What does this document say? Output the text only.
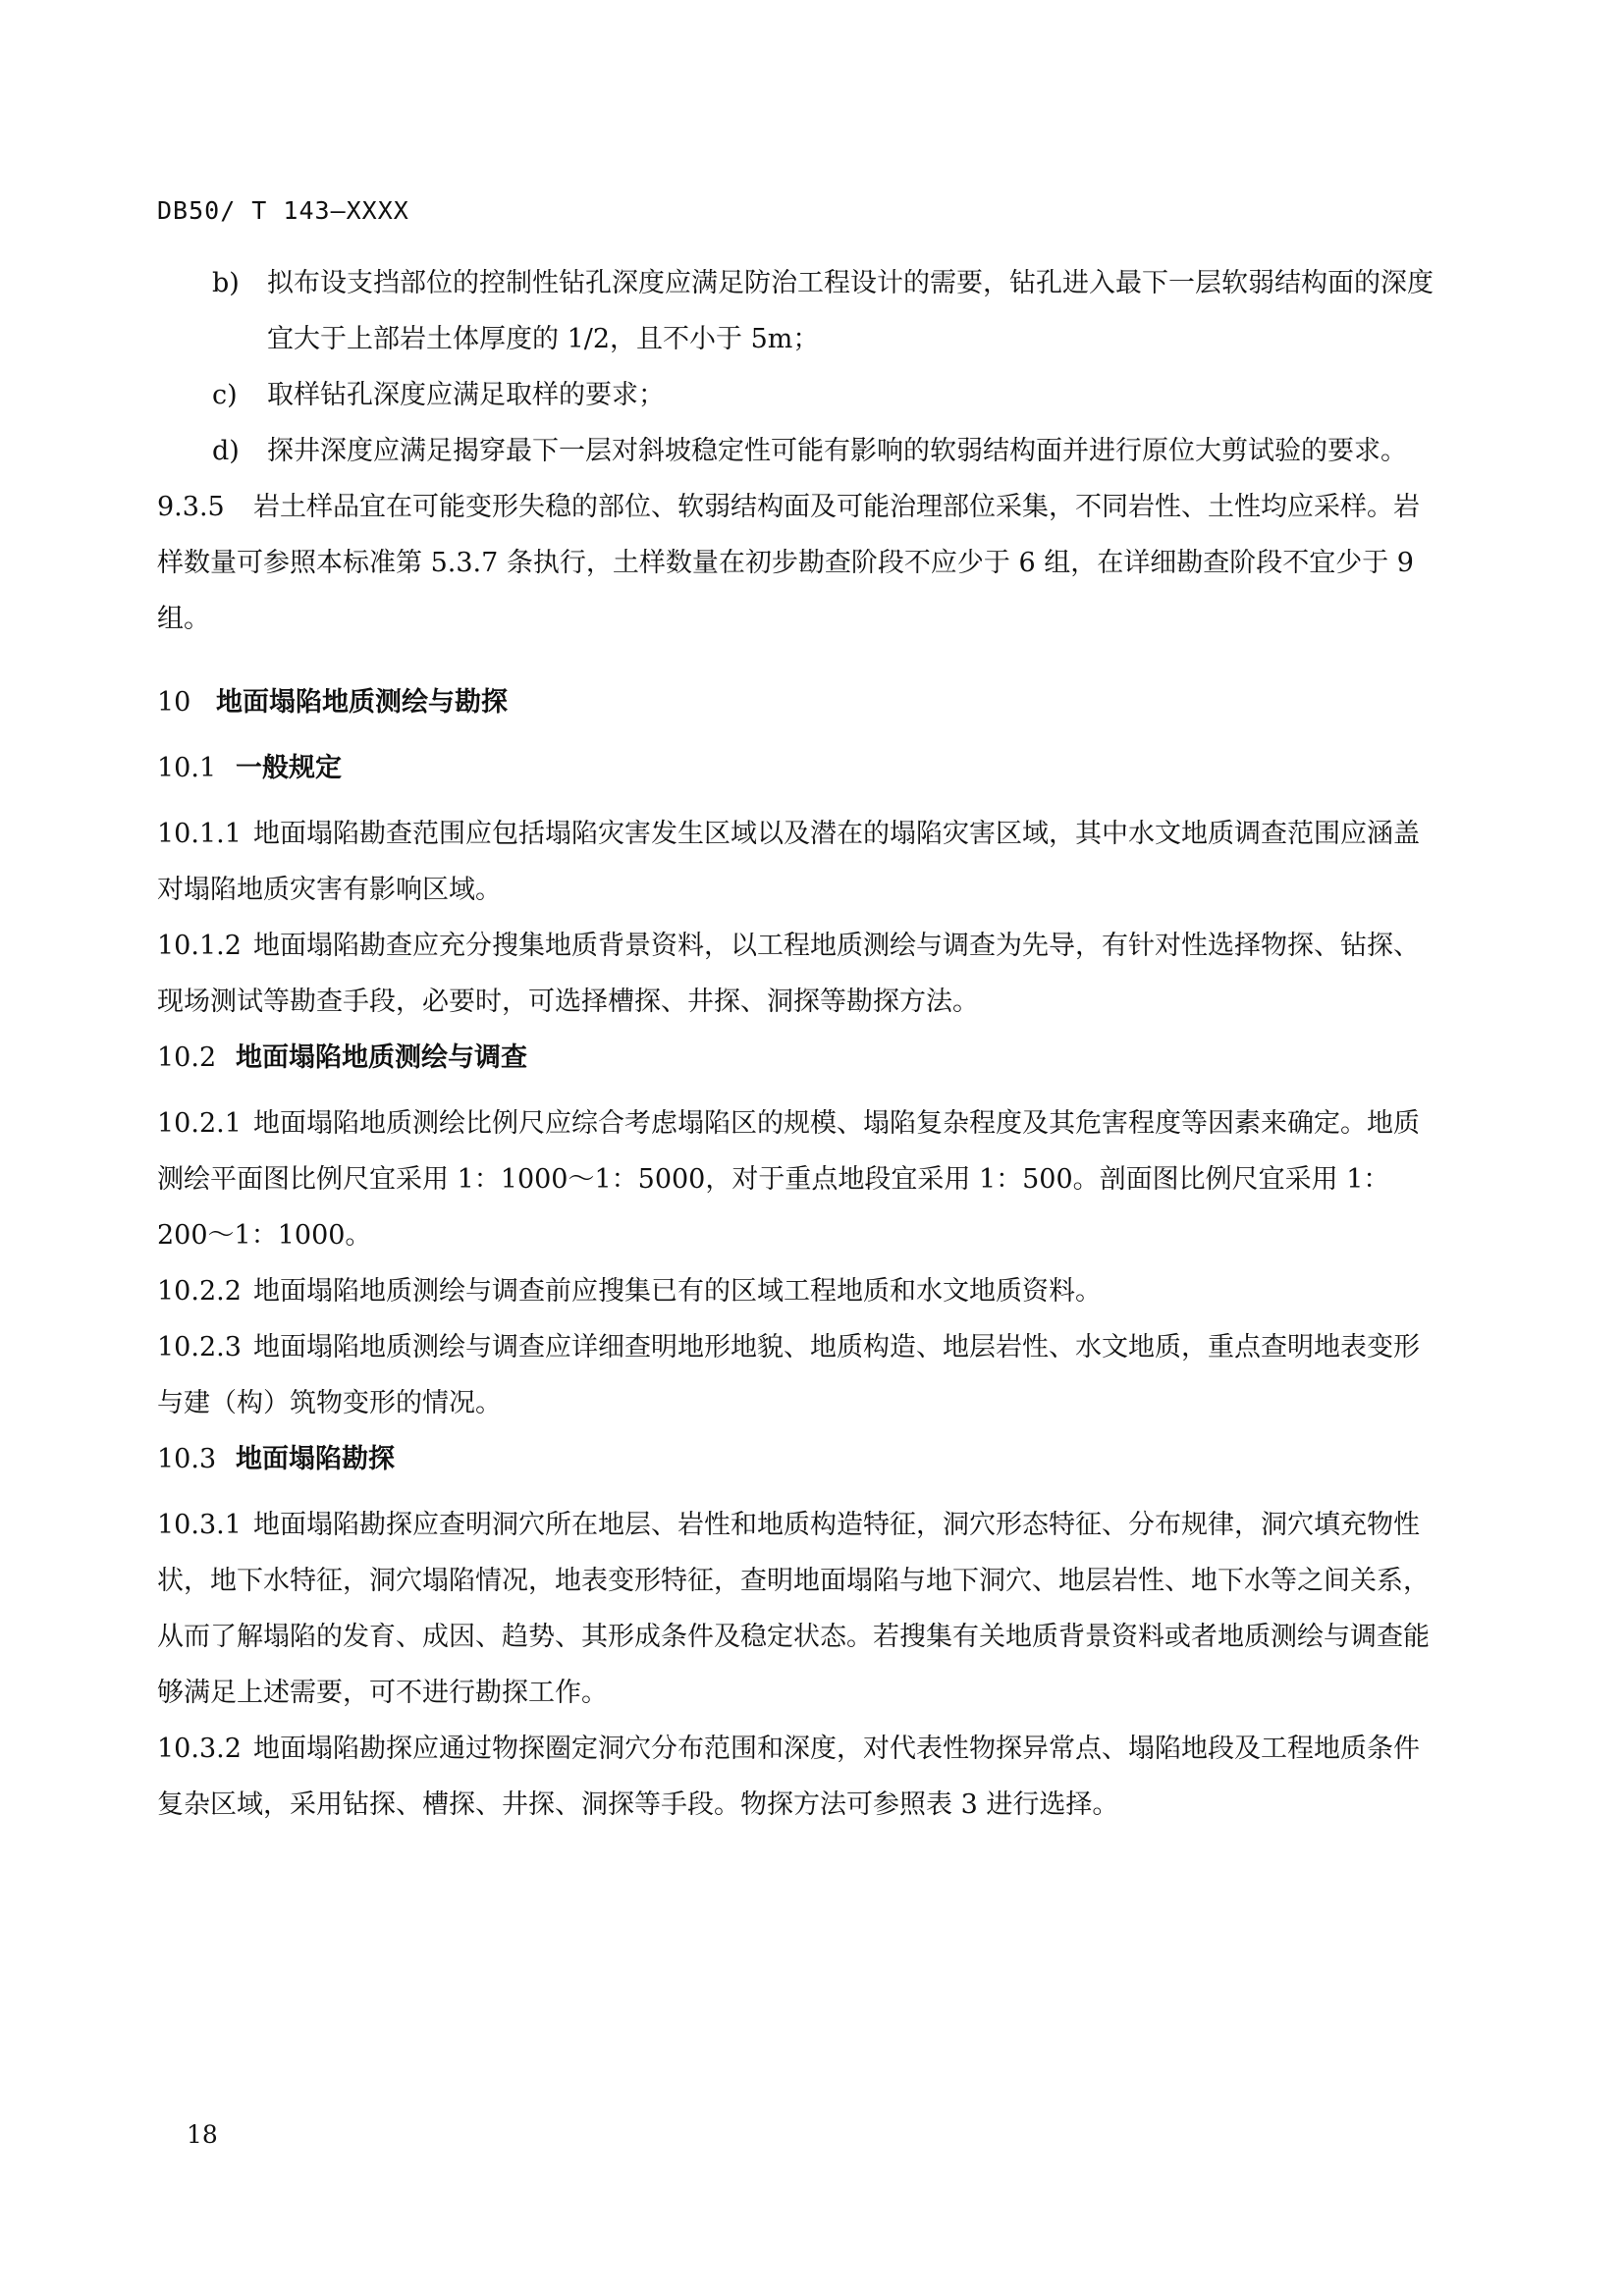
DB50/ T 143—XXXX
b) 拟布设支挡部位的控制性钻孔深度应满足防治工程设计的需要，钻孔进入最下一层软弱结构面的深度宜大于上部岩土体厚度的 1/2，且不小于 5m；
c) 取样钻孔深度应满足取样的要求；
d) 探井深度应满足揭穿最下一层对斜坡稳定性可能有影响的软弱结构面并进行原位大剪试验的要求。
9.3.5 岩土样品宜在可能变形失稳的部位、软弱结构面及可能治理部位采集，不同岩性、土性均应采样。岩样数量可参照本标准第 5.3.7 条执行，土样数量在初步勘查阶段不应少于 6 组，在详细勘查阶段不宜少于 9 组。
10 地面塌陷地质测绘与勘探
10.1 一般规定
10.1.1 地面塌陷勘查范围应包括塌陷灾害发生区域以及潜在的塌陷灾害区域，其中水文地质调查范围应涵盖对塌陷地质灾害有影响区域。
10.1.2 地面塌陷勘查应充分搜集地质背景资料，以工程地质测绘与调查为先导，有针对性选择物探、钻探、现场测试等勘查手段，必要时，可选择槽探、井探、洞探等勘探方法。
10.2 地面塌陷地质测绘与调查
10.2.1 地面塌陷地质测绘比例尺应综合考虑塌陷区的规模、塌陷复杂程度及其危害程度等因素来确定。地质测绘平面图比例尺宜采用 1：1000～1：5000，对于重点地段宜采用 1：500。剖面图比例尺宜采用 1：200～1：1000。
10.2.2 地面塌陷地质测绘与调查前应搜集已有的区域工程地质和水文地质资料。
10.2.3 地面塌陷地质测绘与调查应详细查明地形地貌、地质构造、地层岩性、水文地质，重点查明地表变形与建（构）筑物变形的情况。
10.3 地面塌陷勘探
10.3.1 地面塌陷勘探应查明洞穴所在地层、岩性和地质构造特征，洞穴形态特征、分布规律，洞穴填充物性状，地下水特征，洞穴塌陷情况，地表变形特征，查明地面塌陷与地下洞穴、地层岩性、地下水等之间关系，从而了解塌陷的发育、成因、趋势、其形成条件及稳定状态。若搜集有关地质背景资料或者地质测绘与调查能够满足上述需要，可不进行勘探工作。
10.3.2 地面塌陷勘探应通过物探圈定洞穴分布范围和深度，对代表性物探异常点、塌陷地段及工程地质条件复杂区域，采用钻探、槽探、井探、洞探等手段。物探方法可参照表 3 进行选择。
18
